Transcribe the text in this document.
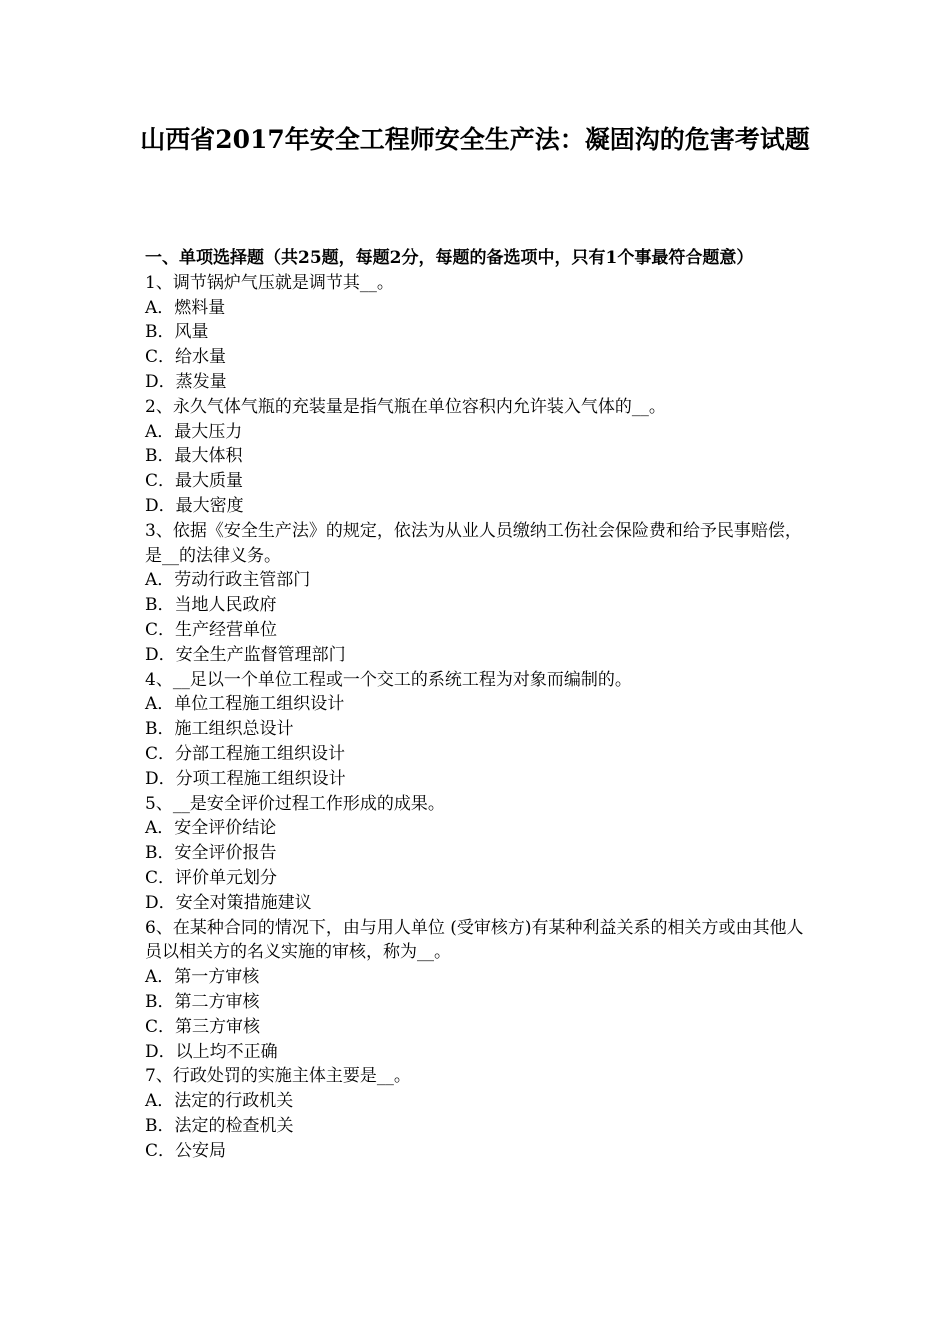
山西省2017年安全工程师安全生产法：凝固沟的危害考试题

一、单项选择题（共25题，每题2分，每题的备选项中，只有1个事最符合题意）

1、调节锅炉气压就是调节其__。

A．燃料量

B．风量

C．给水量

D．蒸发量

2、永久气体气瓶的充装量是指气瓶在单位容积内允许装入气体的__。

A．最大压力

B．最大体积

C．最大质量

D．最大密度

3、依据《安全生产法》的规定，依法为从业人员缴纳工伤社会保险费和给予民事赔偿，是__的法律义务。

A．劳动行政主管部门

B．当地人民政府

C．生产经营单位

D．安全生产监督管理部门

4、__足以一个单位工程或一个交工的系统工程为对象而编制的。

A．单位工程施工组织设计

B．施工组织总设计

C．分部工程施工组织设计

D．分项工程施工组织设计

5、__是安全评价过程工作形成的成果。

A．安全评价结论

B．安全评价报告

C．评价单元划分

D．安全对策措施建议

6、在某种合同的情况下，由与用人单位 (受审核方)有某种利益关系的相关方或由其他人员以相关方的名义实施的审核，称为__。

A．第一方审核

B．第二方审核

C．第三方审核

D．以上均不正确

7、行政处罚的实施主体主要是__。

A．法定的行政机关

B．法定的检查机关

C．公安局
